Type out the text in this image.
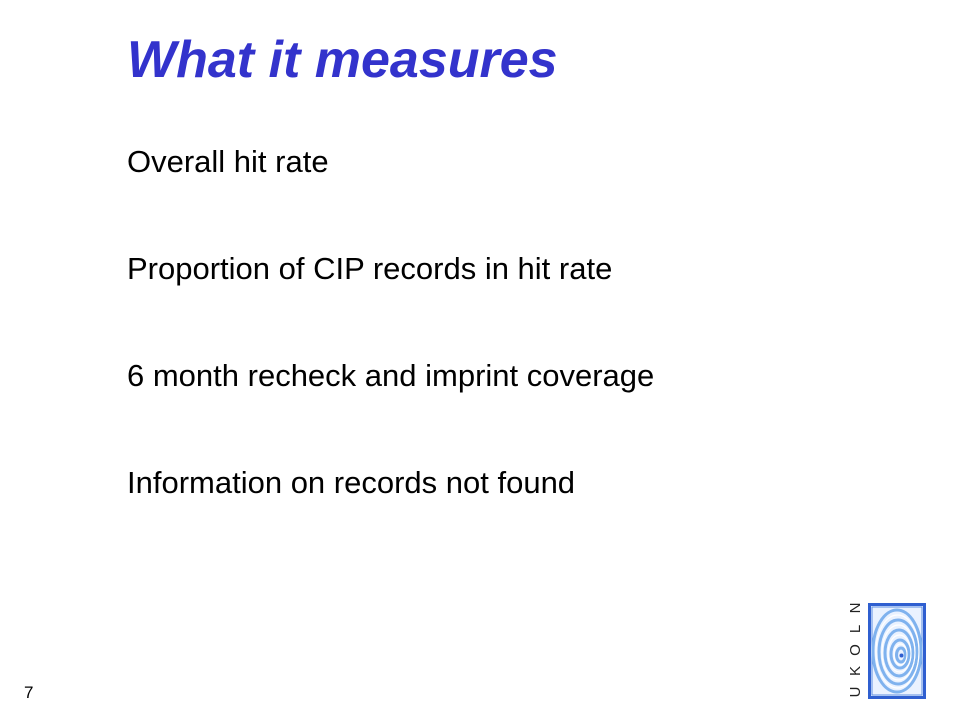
What it measures
Overall hit rate
Proportion of CIP records in hit rate
6 month recheck and imprint coverage
Information on records not found
7
N
L
O
K
U
